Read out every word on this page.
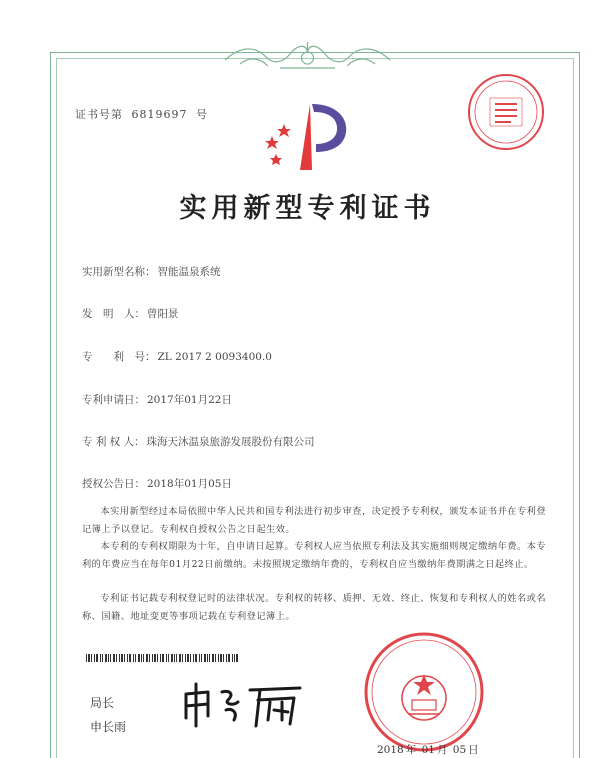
证书号第 6819697 号
实用新型专利证书
实用新型名称： 智能温泉系统
发　明　人： 曾阳景
专　　利　号： ZL 2017 2 0093400.0
专利申请日： 2017年01月22日
专 利 权 人： 珠海天沐温泉旅游发展股份有限公司
授权公告日： 2018年01月05日

本实用新型经过本局依照中华人民共和国专利法进行初步审查，决定授予专利权，颁发本证书并在专利登记簿上予以登记。专利权自授权公告之日起生效。

本专利的专利权期限为十年，自申请日起算。专利权人应当依照专利法及其实施细则规定缴纳年费。本专利的年费应当在每年01月22日前缴纳。未按照规定缴纳年费的，专利权自应当缴纳年费期满之日起终止。

专利证书记载专利权登记时的法律状况。专利权的转移、质押、无效、终止、恢复和专利权人的姓名或名称、国籍、地址变更等事项记载在专利登记簿上。

局长
申长雨
2018 年 01 月 05 日
